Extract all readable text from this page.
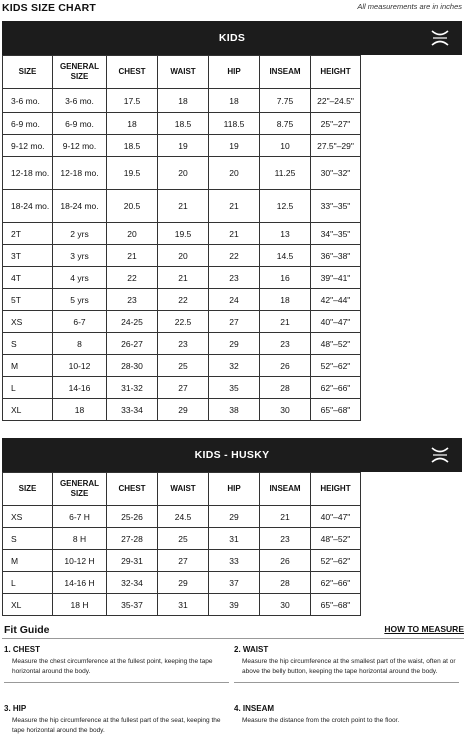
KIDS SIZE CHART	All measurements are in inches
KIDS
SIZE	GENERAL SIZE	CHEST	WAIST	HIP	INSEAM	HEIGHT
3-6 mo.	3-6 mo.	17.5	18	18	7.75	22"–24.5"
6-9 mo.	6-9 mo.	18	18.5	118.5	8.75	25"–27"
9-12 mo.	9-12 mo.	18.5	19	19	10	27.5"–29"
12-18 mo.	12-18 mo.	19.5	20	20	11.25	30"–32"
18-24 mo.	18-24 mo.	20.5	21	21	12.5	33"–35"
2T	2 yrs	20	19.5	21	13	34"–35"
3T	3 yrs	21	20	22	14.5	36"–38"
4T	4 yrs	22	21	23	16	39"–41"
5T	5 yrs	23	22	24	18	42"–44"
XS	6-7	24-25	22.5	27	21	40"–47"
S	8	26-27	23	29	23	48"–52"
M	10-12	28-30	25	32	26	52"–62"
L	14-16	31-32	27	35	28	62"–66"
XL	18	33-34	29	38	30	65"–68"
KIDS - HUSKY
SIZE	GENERAL SIZE	CHEST	WAIST	HIP	INSEAM	HEIGHT
XS	6-7 H	25-26	24.5	29	21	40"–47"
S	8 H	27-28	25	31	23	48"–52"
M	10-12 H	29-31	27	33	26	52"–62"
L	14-16 H	32-34	29	37	28	62"–66"
XL	18 H	35-37	31	39	30	65"–68"
Fit Guide	HOW TO MEASURE
1. CHEST
Measure the chest circumference at the fullest point, keeping the tape horizontal around the body.
2. WAIST
Measure the hip circumference at the smallest part of the waist, often at or above the belly button, keeping the tape horizontal around the body.
3. HIP
Measure the hip circumference at the fullest part of the seat, keeping the tape horizontal around the body.
4. INSEAM
Measure the distance from the crotch point to the floor.
